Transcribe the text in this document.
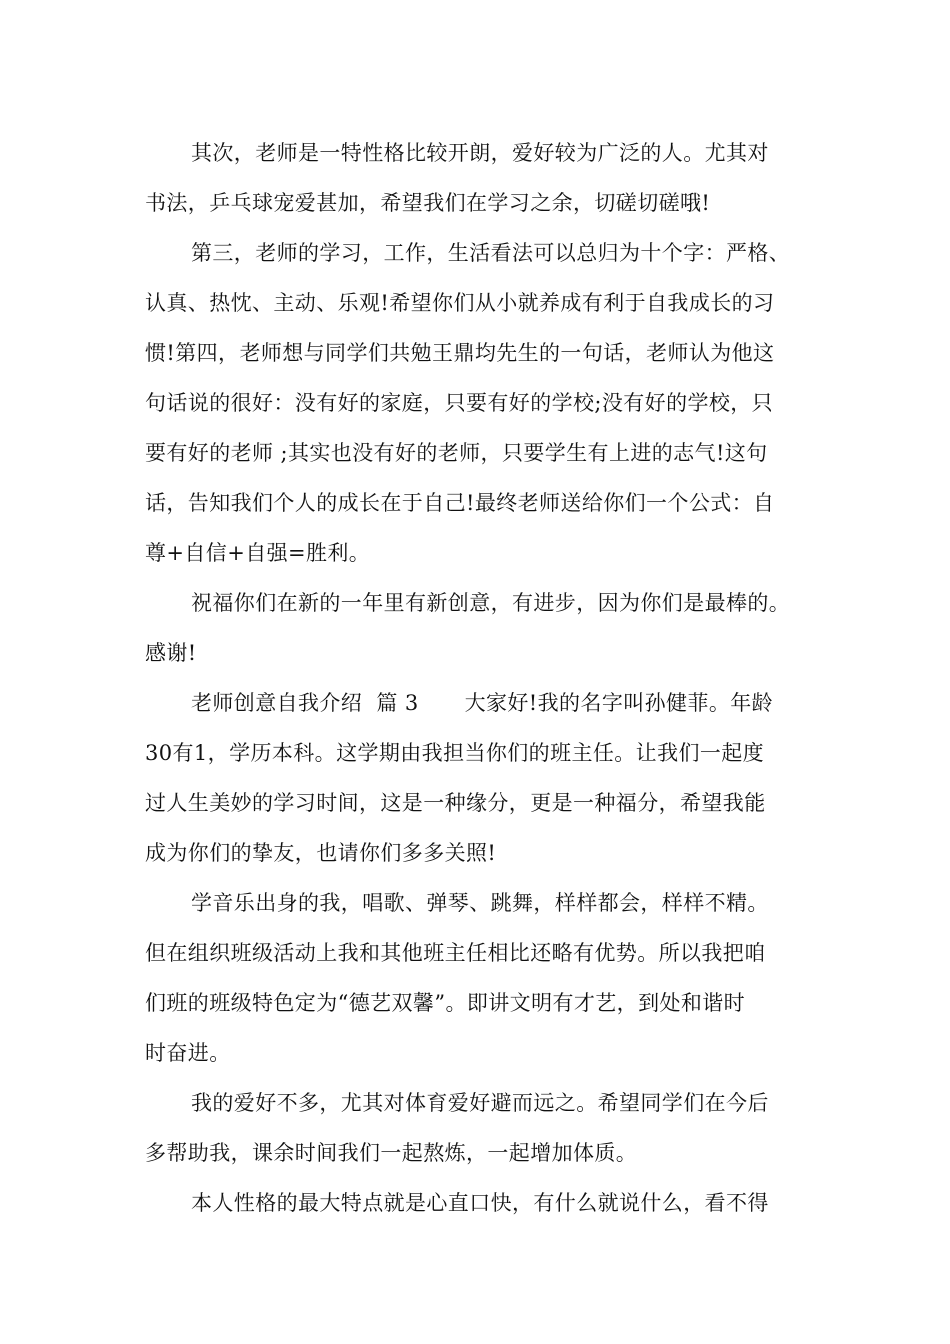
其次，老师是一特性格比较开朗，爱好较为广泛的人。尤其对
书法，乒乓球宠爱甚加，希望我们在学习之余，切磋切磋哦!
第三，老师的学习，工作，生活看法可以总归为十个字：严格、
认真、热忱、主动、乐观!希望你们从小就养成有利于自我成长的习
惯!第四，老师想与同学们共勉王鼎均先生的一句话，老师认为他这
句话说的很好：没有好的家庭，只要有好的学校;没有好的学校，只
要有好的老师 ;其实也没有好的老师，只要学生有上进的志气!这句
话，告知我们个人的成长在于自己!最终老师送给你们一个公式：自
尊+自信+自强=胜利。
祝福你们在新的一年里有新创意，有进步，因为你们是最棒的。
感谢!
老师创意自我介绍 篇 3 大家好!我的名字叫孙健菲。年龄
30有1，学历本科。这学期由我担当你们的班主任。让我们一起度
过人生美妙的学习时间，这是一种缘分，更是一种福分，希望我能
成为你们的挚友，也请你们多多关照!
学音乐出身的我，唱歌、弹琴、跳舞，样样都会，样样不精。
但在组织班级活动上我和其他班主任相比还略有优势。所以我把咱
们班的班级特色定为“德艺双馨”。即讲文明有才艺，到处和谐时
时奋进。
我的爱好不多，尤其对体育爱好避而远之。希望同学们在今后
多帮助我，课余时间我们一起熬炼，一起增加体质。
本人性格的最大特点就是心直口快，有什么就说什么，看不得
